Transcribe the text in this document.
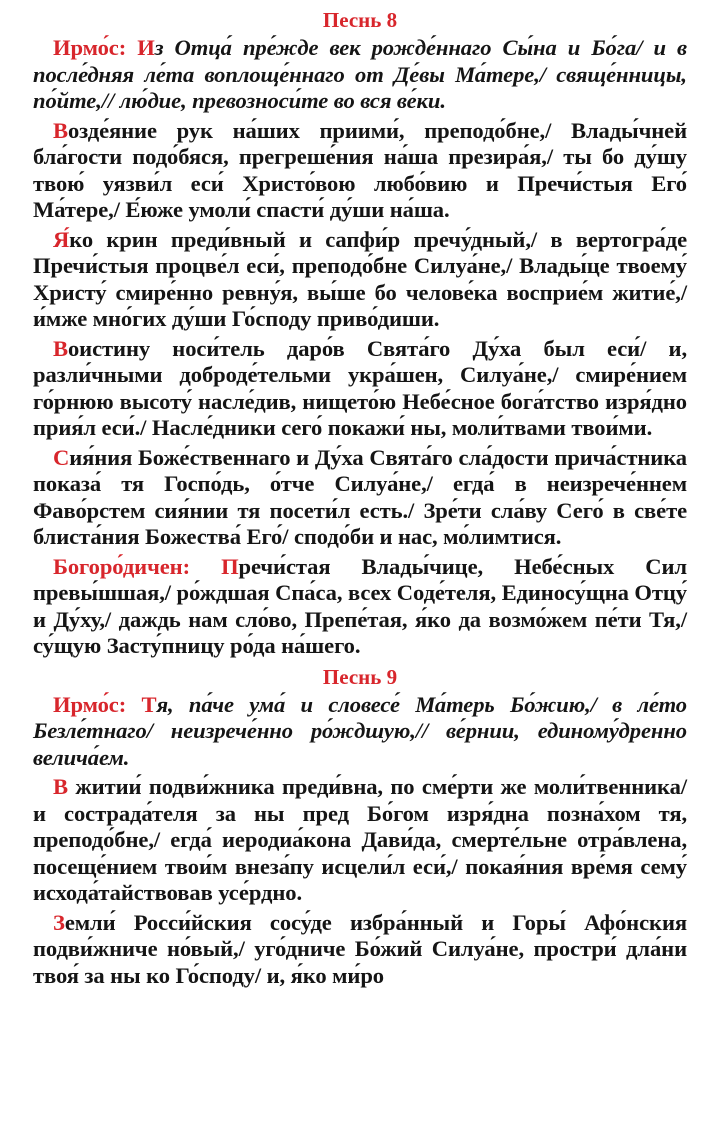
Песнь 8

Ирмо́с: Из Отца́ пре́жде век рожде́ннаго Сы́на и Бо́га/ и в после́дняя ле́та воплоще́ннаго от Де́вы Ма́тере,/ свяще́нницы, по́йте,// лю́дие, превозноси́те во вся ве́ки.

Возде́яние рук на́ших приими́, преподо́бне,/ Влады́чней бла́гости подо́бяся, прегреше́ния на́ша презира́я,/ ты бо ду́шу твою́ уязви́л еси́ Христо́вою любо́вию и Пречи́стыя Его́ Ма́тере,/ Е́юже умоли́ спасти́ ду́ши на́ша.

Я́ко крин преди́вный и сапфи́р пречу́дный,/ в вертогра́де Пречи́стыя процве́л еси́, преподо́бне Силуа́не,/ Влады́це твоему́ Христу́ смире́нно ревну́я, вы́ше бо челове́ка восприе́м житие́,/ и́мже мно́гих ду́ши Го́споду приво́диши.

Воистину носи́тель даро́в Свята́го Ду́ха был еси́/ и, разли́чными доброде́тельми укра́шен, Силуа́не,/ смире́нием го́рнюю высоту́ насле́див, нището́ю Небе́сное бога́тство изря́дно прия́л еси́./ Насле́дники сего́ покажи́ ны, моли́твами твои́ми.

Сия́ния Боже́ственнаго и Ду́ха Свята́го сла́дости прича́стника показа́ тя Госпо́дь, о́тче Силуа́не,/ егда́ в неизрече́ннем Фаво́рстем сия́нии тя посети́л есть./ Зре́ти сла́ву Сего́ в све́те блиста́ния Божества́ Его́/ сподо́би и нас, мо́лимтися.

Богоро́дичен: Пречи́стая Влады́чице, Небе́сных Сил превы́шшая,/ ро́ждшая Спа́са, всех Соде́теля, Единосу́щна Отцу́ и Ду́ху,/ даждь нам сло́во, Препе́тая, я́ко да возмо́жем пе́ти Тя,/ су́щую Засту́пницу ро́да на́шего.

Песнь 9

Ирмо́с: Тя, па́че ума́ и словесе́ Ма́терь Бо́жию,/ в ле́то Безле́тнаго/ неизрече́нно ро́ждшую,// ве́рнии, единому́дренно велича́ем.

В житии́ подви́жника преди́вна, по сме́рти же моли́твенника/ и сострада́теля за ны пред Бо́гом изря́дна позна́хом тя, преподо́бне,/ егда́ иеродиа́кона Дави́да, смерте́льне отра́влена, посеще́нием твои́м внеза́пу исцели́л еси́,/ покая́ния вре́мя сему́ исхода́тайствовав усе́рдно.

Земли́ Росси́йския сосу́де избра́нный и Горы́ Афо́нския подви́жниче но́вый,/ уго́дниче Бо́жий Силуа́не, простри́ дла́ни твоя́ за ны ко Го́споду/ и, я́ко ми́ро
